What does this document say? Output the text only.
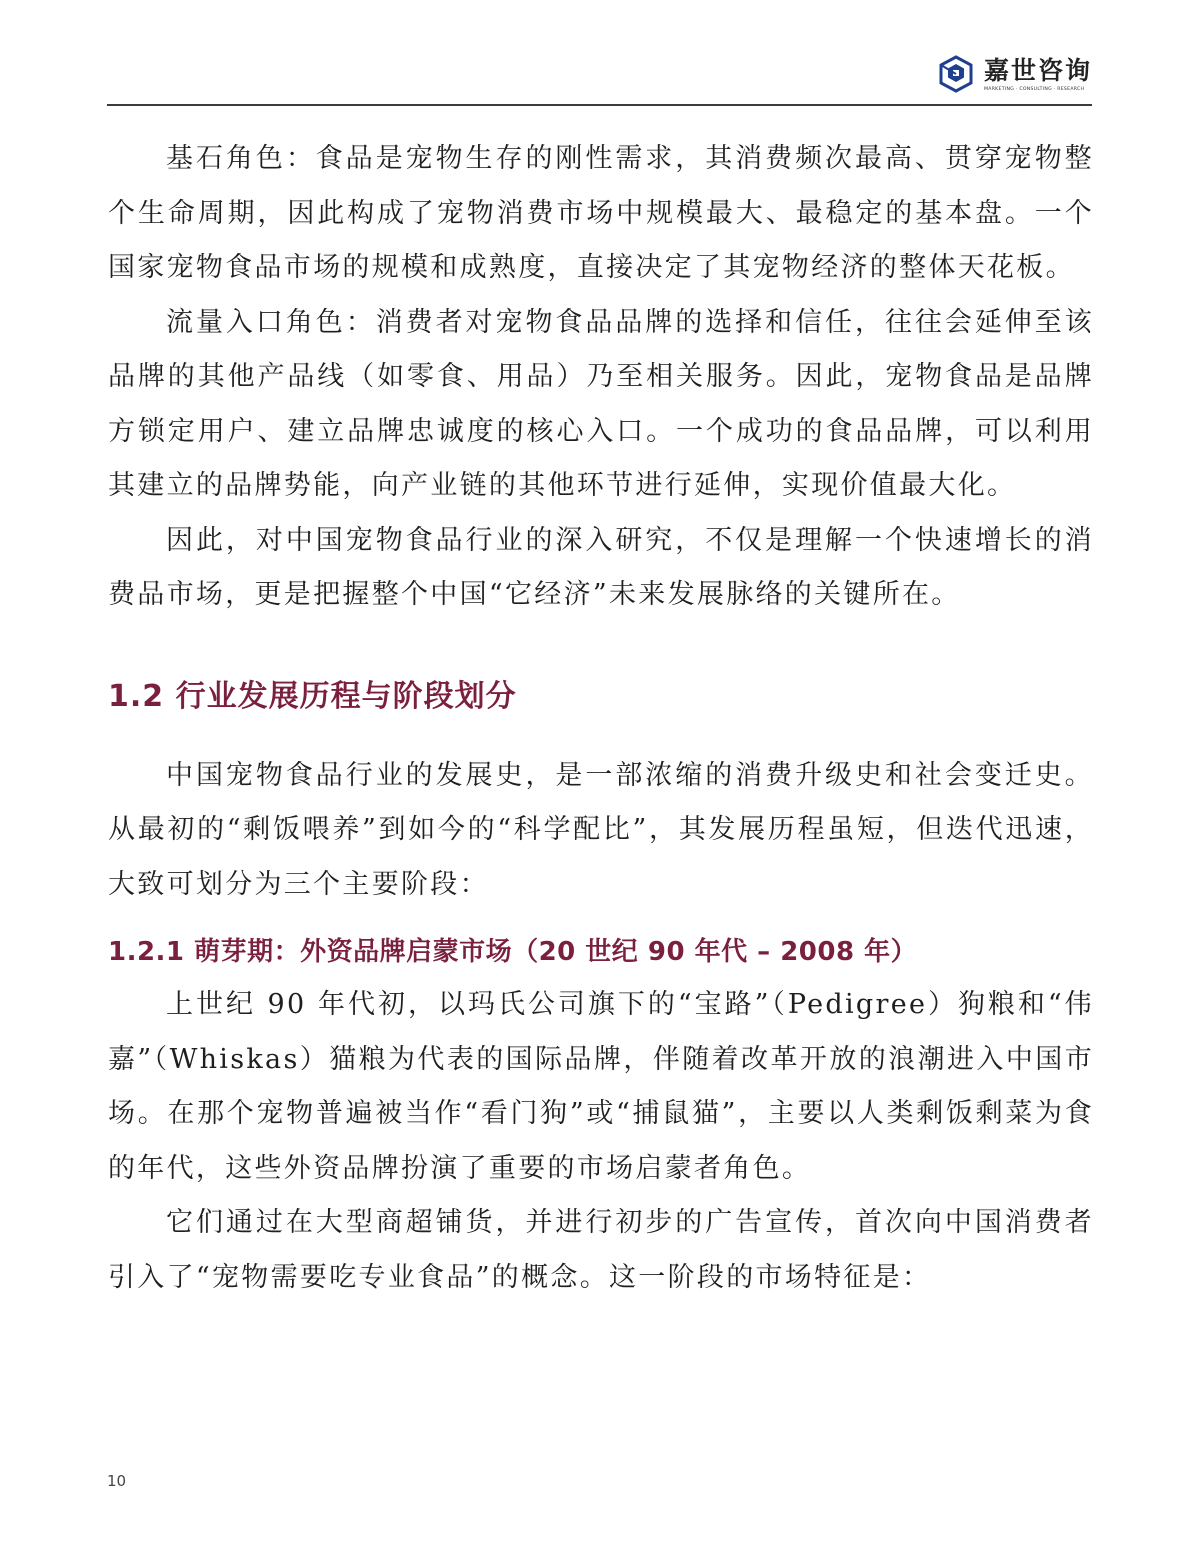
嘉世咨询
MARKETING · CONSULTING · RESEARCH

基石角色：食品是宠物生存的刚性需求，其消费频次最高、贯穿宠物整个生命周期，因此构成了宠物消费市场中规模最大、最稳定的基本盘。一个国家宠物食品市场的规模和成熟度，直接决定了其宠物经济的整体天花板。

流量入口角色：消费者对宠物食品品牌的选择和信任，往往会延伸至该品牌的其他产品线（如零食、用品）乃至相关服务。因此，宠物食品是品牌方锁定用户、建立品牌忠诚度的核心入口。一个成功的食品品牌，可以利用其建立的品牌势能，向产业链的其他环节进行延伸，实现价值最大化。

因此，对中国宠物食品行业的深入研究，不仅是理解一个快速增长的消费品市场，更是把握整个中国“它经济”未来发展脉络的关键所在。

1.2 行业发展历程与阶段划分

中国宠物食品行业的发展史，是一部浓缩的消费升级史和社会变迁史。从最初的“剩饭喂养”到如今的“科学配比”，其发展历程虽短，但迭代迅速，大致可划分为三个主要阶段：

1.2.1 萌芽期：外资品牌启蒙市场（20 世纪 90 年代 – 2008 年）

上世纪 90 年代初，以玛氏公司旗下的“宝路”（Pedigree）狗粮和“伟嘉”（Whiskas）猫粮为代表的国际品牌，伴随着改革开放的浪潮进入中国市场。在那个宠物普遍被当作“看门狗”或“捕鼠猫”，主要以人类剩饭剩菜为食的年代，这些外资品牌扮演了重要的市场启蒙者角色。

它们通过在大型商超铺货，并进行初步的广告宣传，首次向中国消费者引入了“宠物需要吃专业食品”的概念。这一阶段的市场特征是：

10
